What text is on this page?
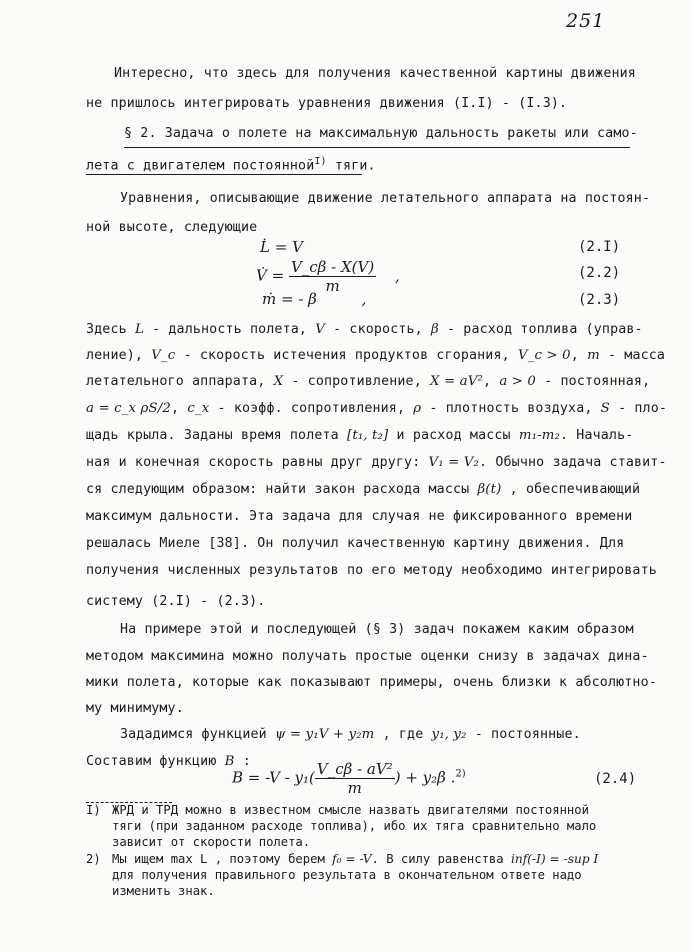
251
Интересно, что здесь для получения качественной картины движения
не пришлось интегрировать уравнения движения (I.I) - (I.3).
§ 2. Задача о полете на максимальную дальность ракеты или само-
лета с двигателем постоянной$^{I)}$ тяги.
Уравнения, описывающие движение летательного аппарата на постоян-
ной высоте, следующие
L̇ = V	(2.I)
V̇ = $\frac{V\_c\beta - X(V)}{m}$ ,	(2.2)
ṁ = - β	,	(2.3)
Здесь L - дальность полета, V - скорость, β - расход топлива (управ-
ление), V_c - скорость истечения продуктов сгорания, V_c > 0, m - масса
летательного аппарата, X - сопротивление, X = aV², a > 0 - постоянная,
a = c_x ρS/2, c_x - коэфф. сопротивления, ρ - плотность воздуха, S - пло-
щадь крыла. Заданы время полета [t₁, t₂] и расход массы m₁-m₂. Началь-
ная и конечная скорость равны друг другу: V₁ = V₂. Обычно задача ставит-
ся следующим образом: найти закон расхода массы β(t) , обеспечивающий
максимум дальности. Эта задача для случая не фиксированного времени
решалась Миеле [38]. Он получил качественную картину движения. Для
получения численных результатов по его методу необходимо интегрировать
систему (2.I) - (2.3).
На примере этой и последующей (§ 3) задач покажем каким образом
методом максимина можно получать простые оценки снизу в задачах дина-
мики полета, которые как показывают примеры, очень близки к абсолютно-
му минимуму.
Зададимся функцией ψ = y₁V + y₂m , где y₁, y₂ - постоянные.
Составим функцию B :
$B = -V - y_1( \frac{\text{V\_cβ - aV²}}{m}$ ) + y₂β .$^{2)}$	(2.4)
I) ЖРД и ТРД можно в известном смысле назвать двигателями постоянной
тяги (при заданном расходе топлива), ибо их тяга сравнительно мало
зависит от скорости полета.
2) Мы ищем max L , поэтому берем f₀ = -V. В силу равенства inf(-I) = -sup I
для получения правильного результата в окончательном ответе надо
изменить знак.
